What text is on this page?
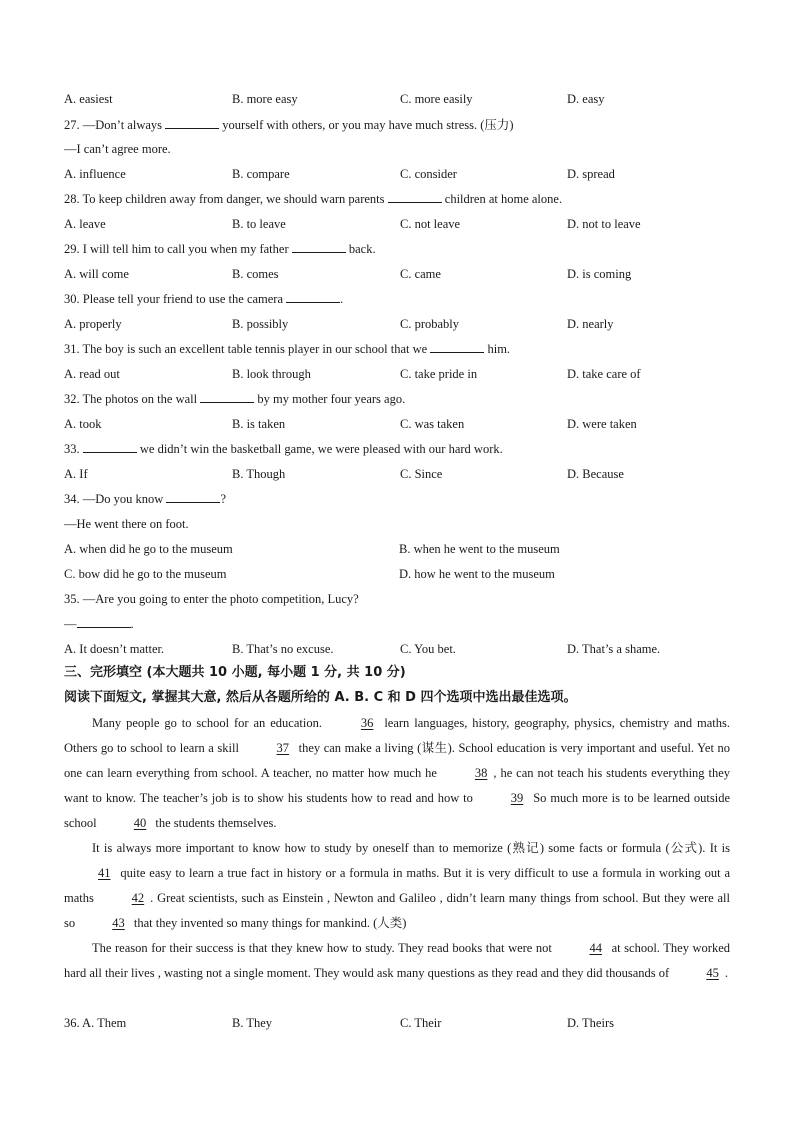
A. easiest	B. more easy	C. more easily	D. easy
27. —Don’t always	yourself with others, or you may have much stress. (压力)
—I can’t agree more.
A. influence	B. compare	C. consider	D. spread
28. To keep children away from danger, we should warn parents	children at home alone.
A. leave	B. to leave	C. not leave	D. not to leave
29. I will tell him to call you when my father	back.
A. will come	B. comes	C. came	D. is coming
30. Please tell your friend to use the camera	.
A. properly	B. possibly	C. probably	D. nearly
31. The boy is such an excellent table tennis player in our school that we	him.
A. read out	B. look through	C. take pride in	D. take care of
32. The photos on the wall	by my mother four years ago.
A. took	B. is taken	C. was taken	D. were taken
33.	we didn’t win the basketball game, we were pleased with our hard work.
A. If	B. Though	C. Since	D. Because
34. —Do you know	?
—He went there on foot.
A. when did he go to the museum	B. when he went to the museum
C. bow did he go to the museum	D. how he went to the museum
35. —Are you going to enter the photo competition, Lucy?
—	.
A. It doesn’t matter.	B. That’s no excuse.	C. You bet.	D. That’s a shame.
三、完形填空 (本大题共 10 小题, 每小题 1 分, 共 10 分)
阅读下面短文, 掌握其大意, 然后从各题所给的 A. B. C 和 D 四个选项中选出最佳选项。

Many people go to school for an education.	36 learn languages, history, geography, physics, chemistry and maths. Others go to school to learn a skill	37 they can make a living (谋生). School education is very important and useful. Yet no one can learn everything from school. A teacher, no matter how much he	38 , he can not teach his students everything they want to know. The teacher’s job is to show his students how to read and how to	39 So much more is to be learned outside school	40 the students themselves.

It is always more important to know how to study by oneself than to memorize (熟记) some facts or formula (公式). It is 41 quite easy to learn a true fact in history or a formula in maths. But it is very difficult to use a formula in working out a maths	42 . Great scientists, such as Einstein , Newton and Galileo , didn’t learn many things from school. But they were all so	43 that they invented so many things for mankind. (人类)

The reason for their success is that they knew how to study. They read books that were not	44 at school. They worked hard all their lives , wasting not a single moment. They would ask many questions as they read and they did thousands of	45 .

36. A. Them	B. They	C. Their	D. Theirs
